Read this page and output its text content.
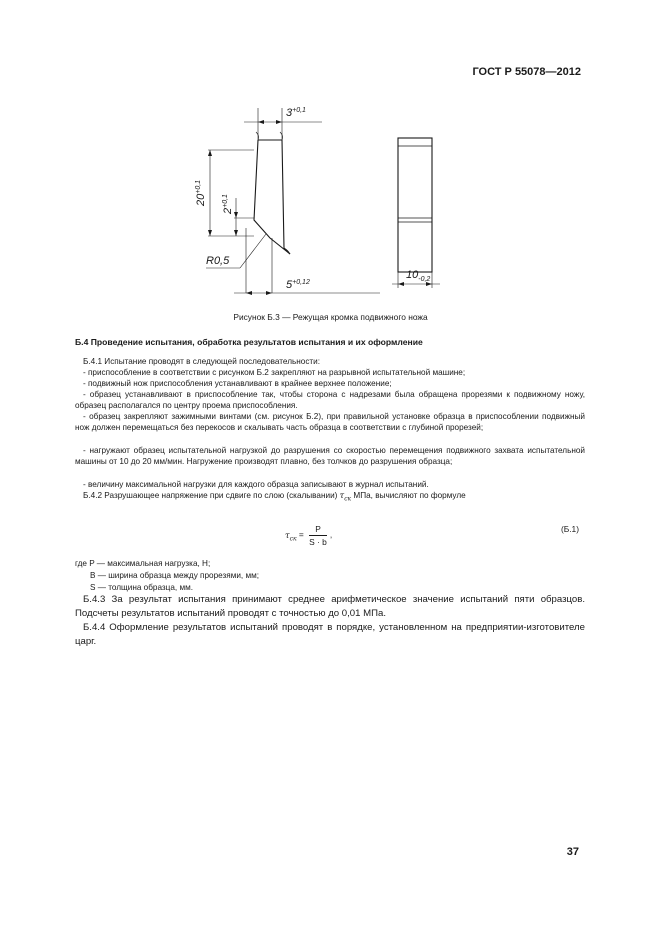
ГОСТ Р 55078—2012
$3^{+0,1}$
$20^{+0,1}$
$2^{+0,1}$
R0,5
$5^{+0,12}$
$10_{-0,2}$
Рисунок Б.3 — Режущая кромка подвижного ножа
Б.4 Проведение испытания, обработка результатов испытания и их оформление
Б.4.1 Испытание проводят в следующей последовательности:
- приспособление в соответствии с рисунком Б.2 закрепляют на разрывной испытательной машине;
- подвижный нож приспособления устанавливают в крайнее верхнее положение;
- образец устанавливают в приспособление так, чтобы сторона с надрезами была обращена прорезями к подвижному ножу, образец располагался по центру проема приспособления.
- образец закрепляют зажимными винтами (см. рисунок Б.2), при правильной установке образца в приспособлении подвижный нож должен перемещаться без перекосов и скалывать часть образца в соответствии с глубиной прорезей;
- нагружают образец испытательной нагрузкой до разрушения со скоростью перемещения подвижного захвата испытательной машины от 10 до 20 мм/мин. Нагружение производят плавно, без толчков до разрушения образца;
- величину максимальной нагрузки для каждого образца записывают в журнал испытаний.
Б.4.2 Разрушающее напряжение при сдвиге по слою (скалывании) $\tau_{ск}$ МПа, вычисляют по формуле
$\tau_{ск} = \frac{P}{S \cdot b}$ ,
(Б.1)
где P — максимальная нагрузка, Н;
B — ширина образца между прорезями, мм;
S — толщина образца, мм.
Б.4.3 За результат испытания принимают среднее арифметическое значение испытаний пяти образцов. Подсчеты результатов испытаний проводят с точностью до 0,01 МПа.
Б.4.4 Оформление результатов испытаний проводят в порядке, установленном на предприятии-изготовителе царг.
37
